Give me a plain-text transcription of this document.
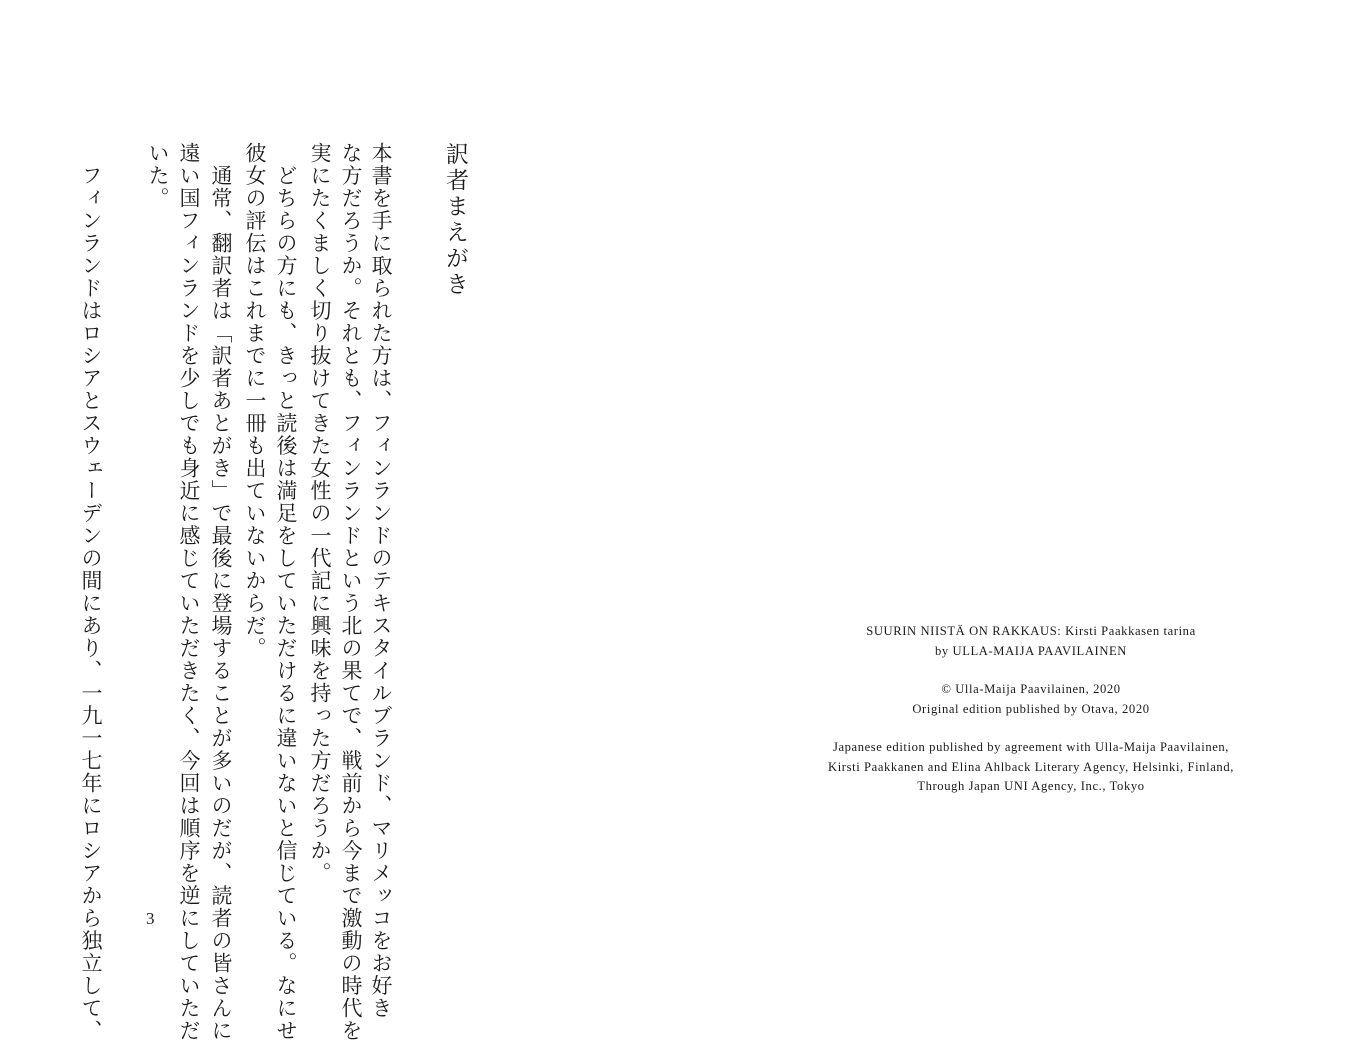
訳者まえがき
本書を手に取られた方は、フィンランドのテキスタイルブランド、マリメッコをお好き
な方だろうか。それとも、フィンランドという北の果てで、戦前から今まで激動の時代を
実にたくましく切り抜けてきた女性の一代記に興味を持った方だろうか。
　どちらの方にも、きっと読後は満足をしていただけるに違いないと信じている。なにせ
彼女の評伝はこれまでに一冊も出ていないからだ。
　通常、翻訳者は「訳者あとがき」で最後に登場することが多いのだが、読者の皆さんに
遠い国フィンランドを少しでも身近に感じていただきたく、今回は順序を逆にしていただ
いた。
　フィンランドはロシアとスウェーデンの間にあり、一九一七年にロシアから独立して、	3

SUURIN NIISTÄ ON RAKKAUS: Kirsti Paakkasen tarina

by ULLA-MAIJA PAAVILAINEN

© Ulla-Maija Paavilainen, 2020

Original edition published by Otava, 2020

Japanese edition published by agreement with Ulla-Maija Paavilainen,

Kirsti Paakkanen and Elina Ahlback Literary Agency, Helsinki, Finland,

Through Japan UNI Agency, Inc., Tokyo
